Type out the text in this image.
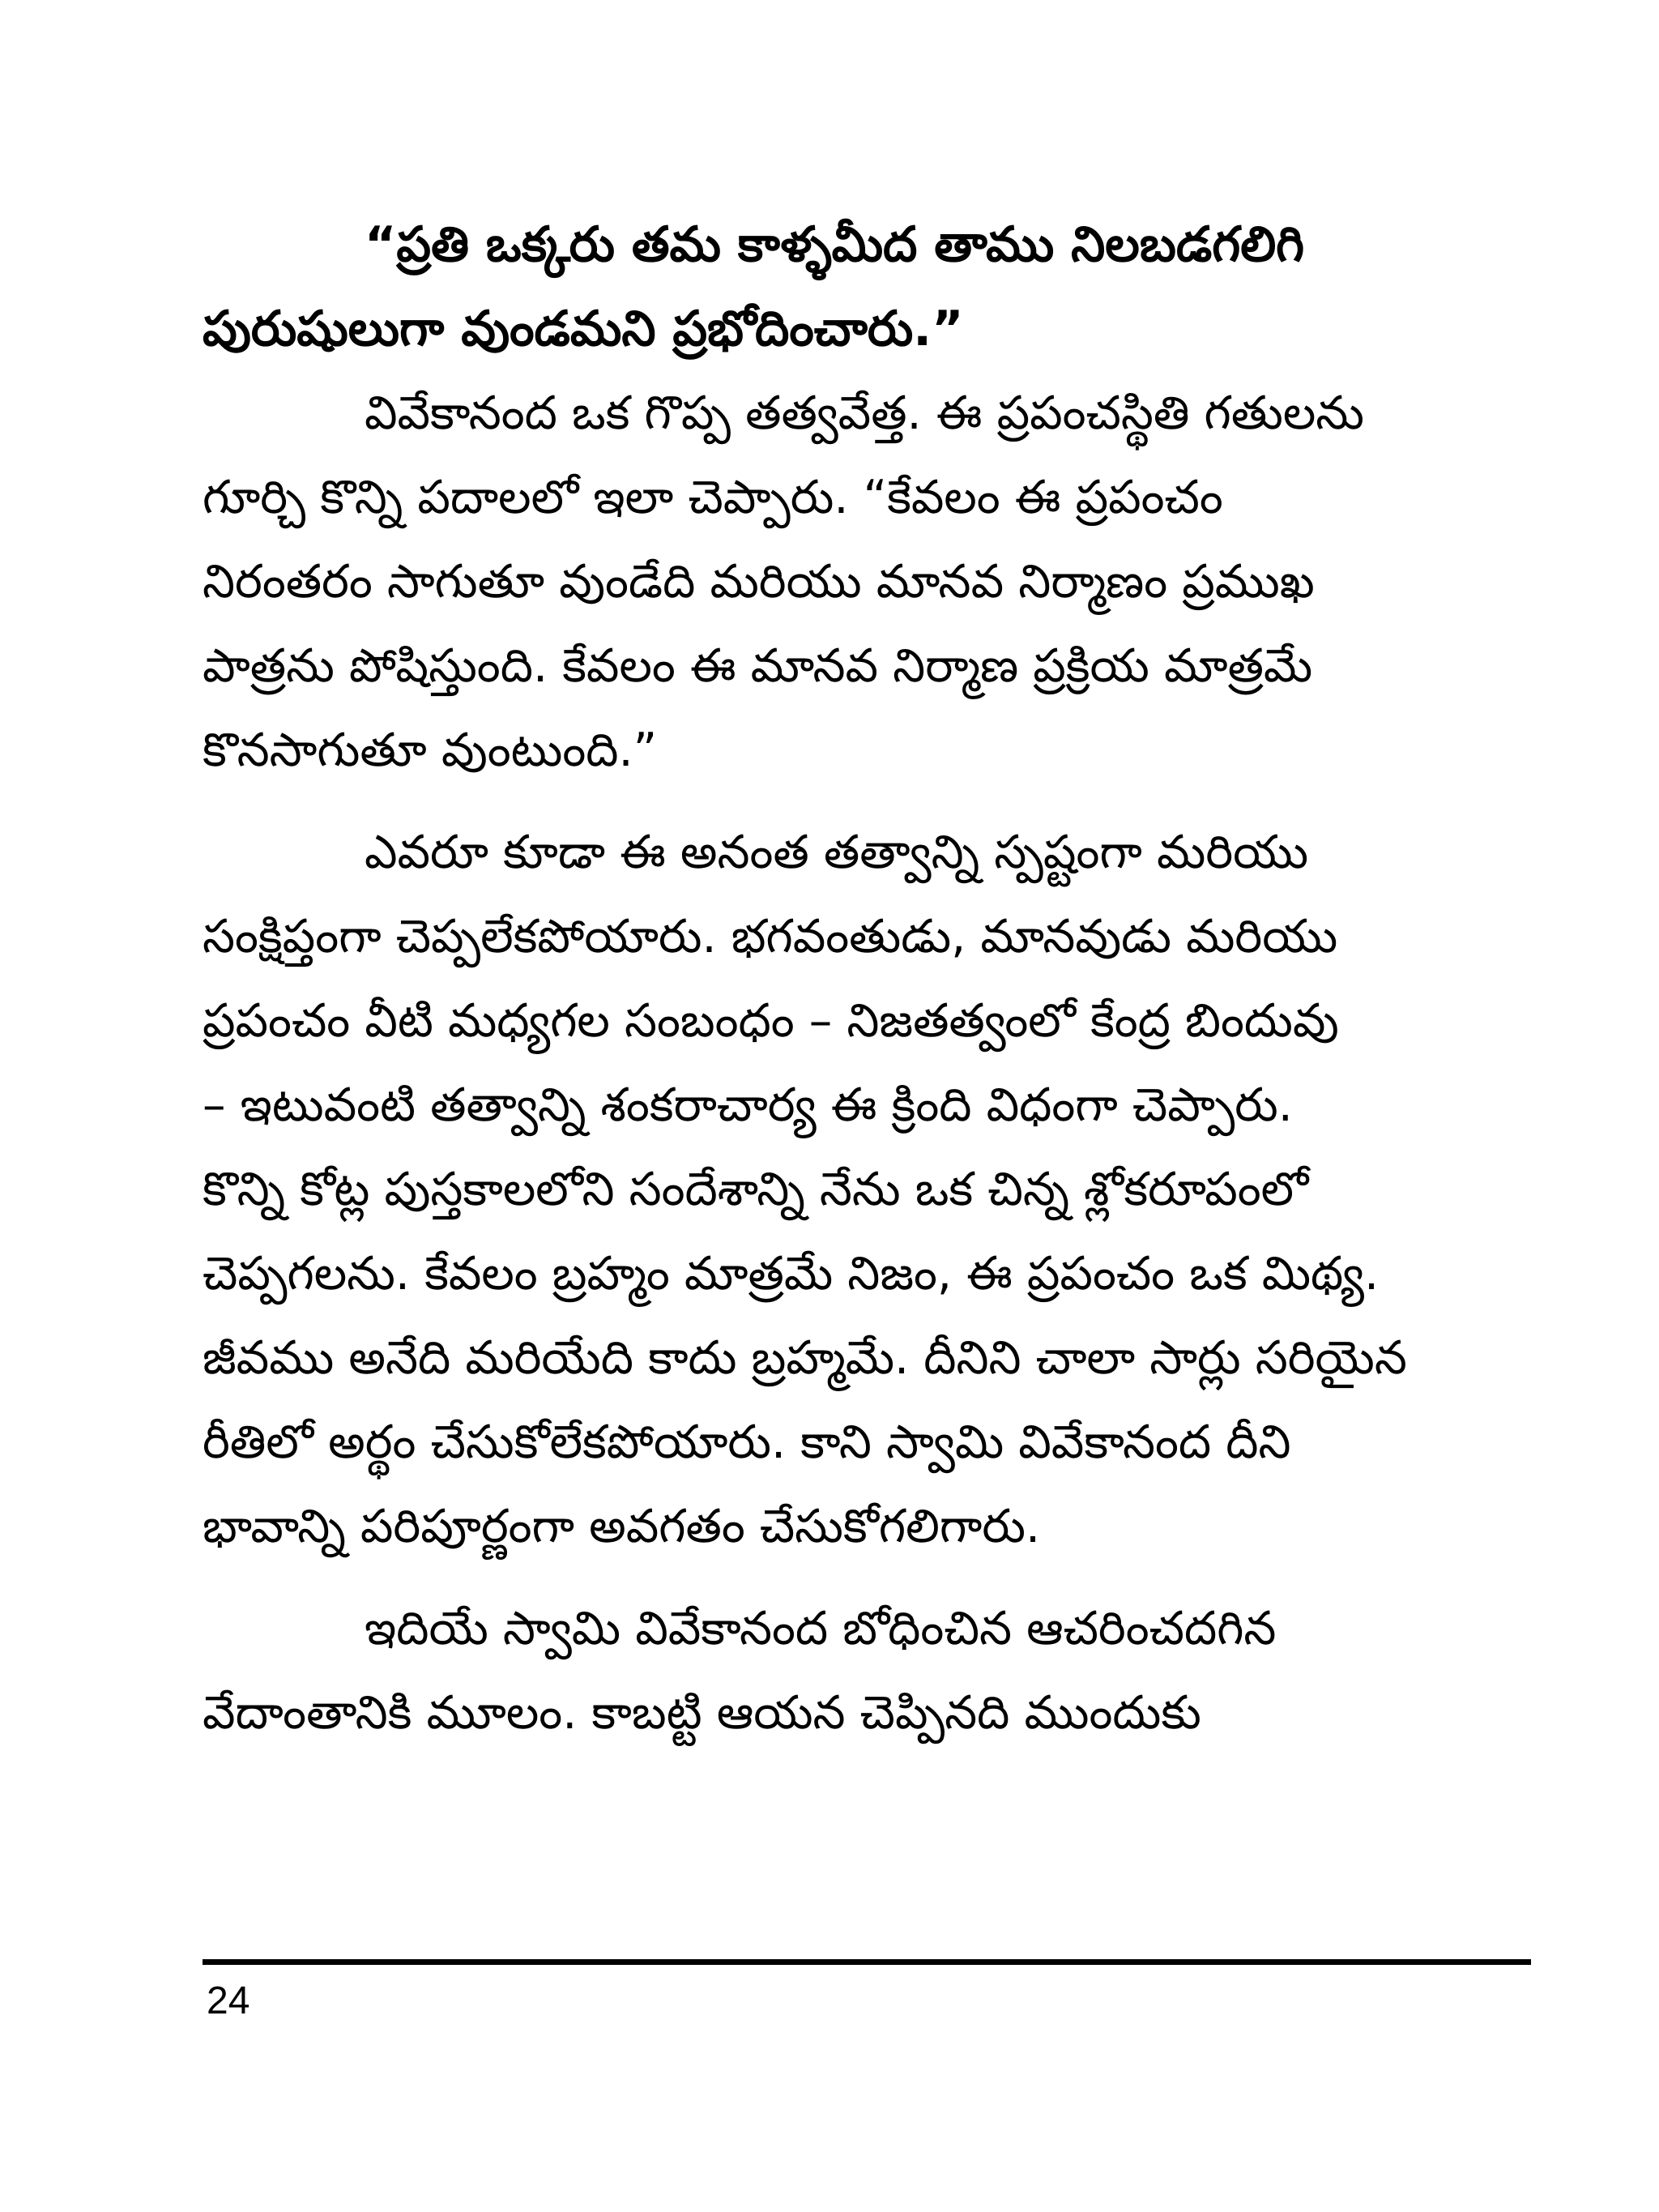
“ప్రతి ఒక్కరు తమ కాళ్ళమీద తాము నిలబడగలిగి
పురుషులుగా వుండమని ప్రభోదించారు.”
వివేకానంద ఒక గొప్ప తత్వవేత్త. ఈ ప్రపంచస్థితి గతులను
గూర్చి కొన్ని పదాలలో ఇలా చెప్పారు. “కేవలం ఈ ప్రపంచం
నిరంతరం సాగుతూ వుండేది మరియు మానవ నిర్మాణం ప్రముఖ
పాత్రను పోషిస్తుంది. కేవలం ఈ మానవ నిర్మాణ ప్రక్రియ మాత్రమే
కొనసాగుతూ వుంటుంది.”
ఎవరూ కూడా ఈ అనంత తత్వాన్ని స్పష్టంగా మరియు
సంక్షిప్తంగా చెప్పలేకపోయారు. భగవంతుడు, మానవుడు మరియు
ప్రపంచం వీటి మధ్యగల సంబంధం – నిజతత్వంలో కేంద్ర బిందువు
– ఇటువంటి తత్వాన్ని శంకరాచార్య ఈ క్రింది విధంగా చెప్పారు.
కొన్ని కోట్ల పుస్తకాలలోని సందేశాన్ని నేను ఒక చిన్న శ్లోకరూపంలో
చెప్పగలను. కేవలం బ్రహ్మం మాత్రమే నిజం, ఈ ప్రపంచం ఒక మిథ్య.
జీవము అనేది మరియేది కాదు బ్రహ్మమే. దీనిని చాలా సార్లు సరియైన
రీతిలో అర్థం చేసుకోలేకపోయారు. కాని స్వామి వివేకానంద దీని
భావాన్ని పరిపూర్ణంగా అవగతం చేసుకోగలిగారు.
ఇదియే స్వామి వివేకానంద బోధించిన ఆచరించదగిన
వేదాంతానికి మూలం. కాబట్టి ఆయన చెప్పినది ముందుకు
24
